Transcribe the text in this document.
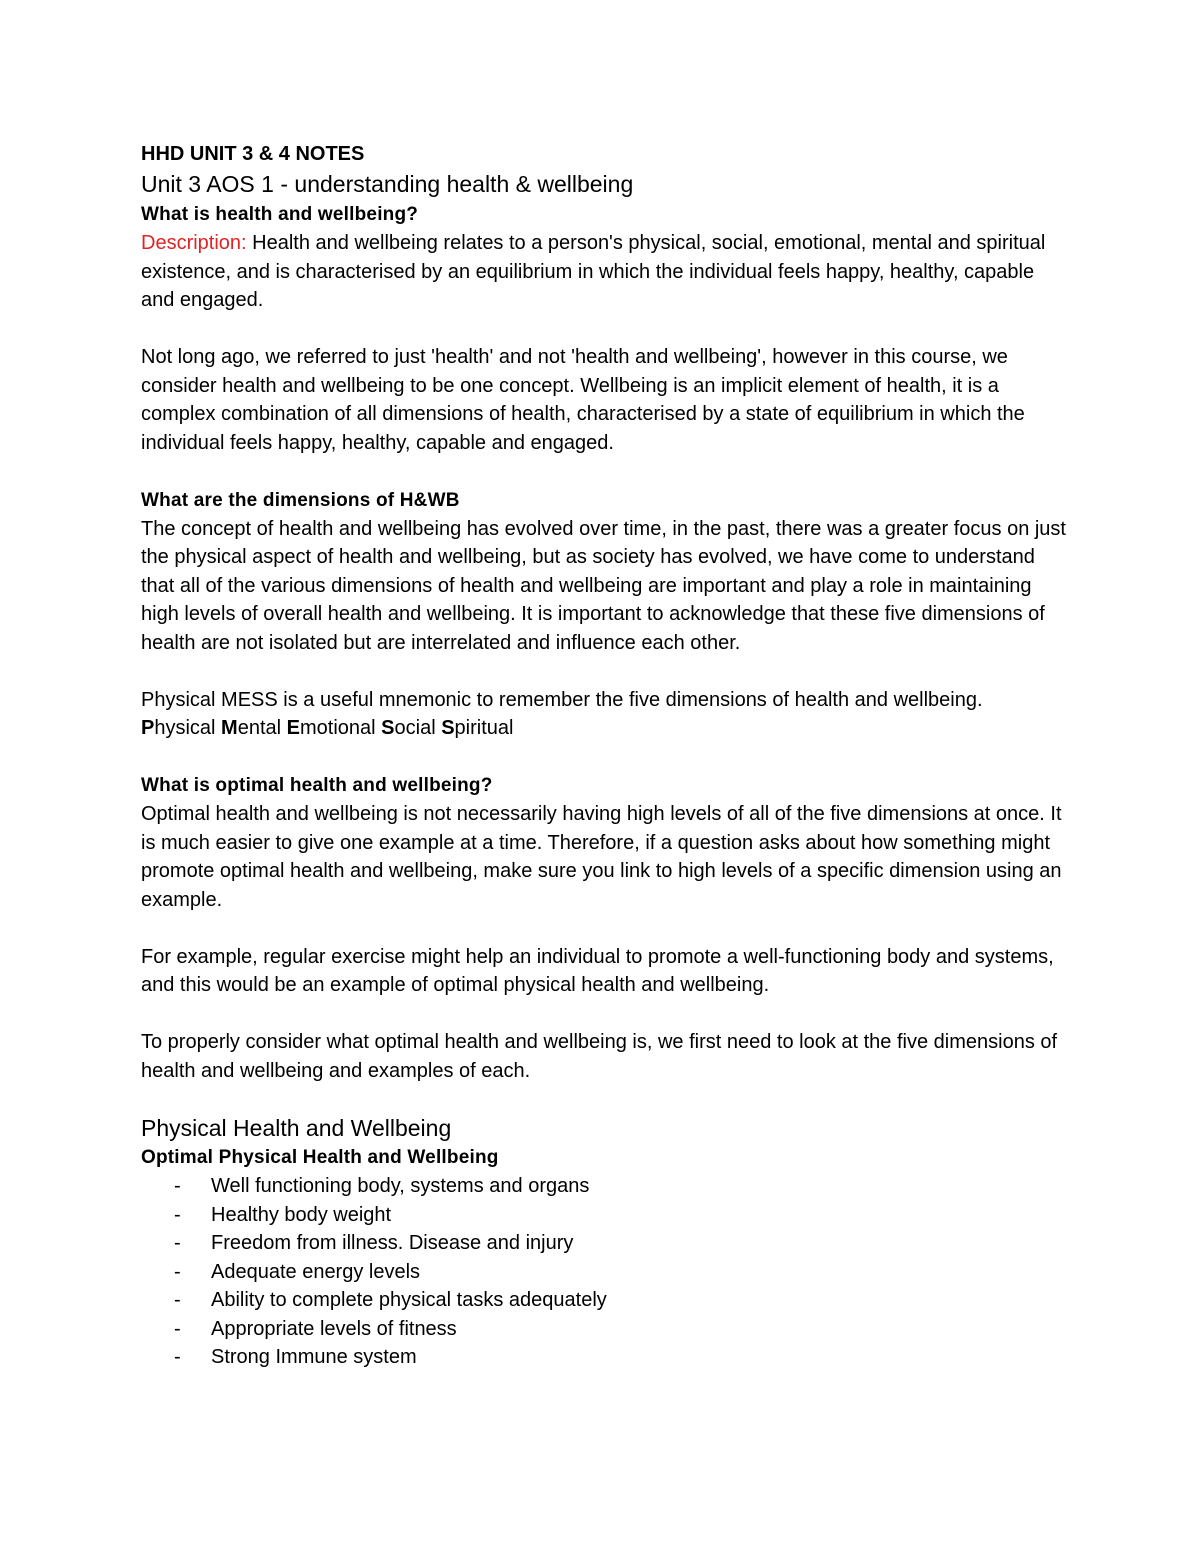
HHD UNIT 3 & 4 NOTES
Unit 3 AOS 1 - understanding health & wellbeing
What is health and wellbeing?

Description: Health and wellbeing relates to a person's physical, social, emotional, mental and spiritual existence, and is characterised by an equilibrium in which the individual feels happy, healthy, capable and engaged.

Not long ago, we referred to just 'health' and not 'health and wellbeing', however in this course, we consider health and wellbeing to be one concept. Wellbeing is an implicit element of health, it is a complex combination of all dimensions of health, characterised by a state of equilibrium in which the individual feels happy, healthy, capable and engaged.

What are the dimensions of H&WB

The concept of health and wellbeing has evolved over time, in the past, there was a greater focus on just the physical aspect of health and wellbeing, but as society has evolved, we have come to understand that all of the various dimensions of health and wellbeing are important and play a role in maintaining high levels of overall health and wellbeing. It is important to acknowledge that these five dimensions of health are not isolated but are interrelated and influence each other.

Physical MESS is a useful mnemonic to remember the five dimensions of health and wellbeing.

Physical Mental Emotional Social Spiritual

What is optimal health and wellbeing?

Optimal health and wellbeing is not necessarily having high levels of all of the five dimensions at once. It is much easier to give one example at a time. Therefore, if a question asks about how something might promote optimal health and wellbeing, make sure you link to high levels of a specific dimension using an example.

For example, regular exercise might help an individual to promote a well-functioning body and systems, and this would be an example of optimal physical health and wellbeing.

To properly consider what optimal health and wellbeing is, we first need to look at the five dimensions of health and wellbeing and examples of each.

Physical Health and Wellbeing
Optimal Physical Health and Wellbeing
- Well functioning body, systems and organs
- Healthy body weight
- Freedom from illness. Disease and injury
- Adequate energy levels
- Ability to complete physical tasks adequately
- Appropriate levels of fitness
- Strong Immune system
